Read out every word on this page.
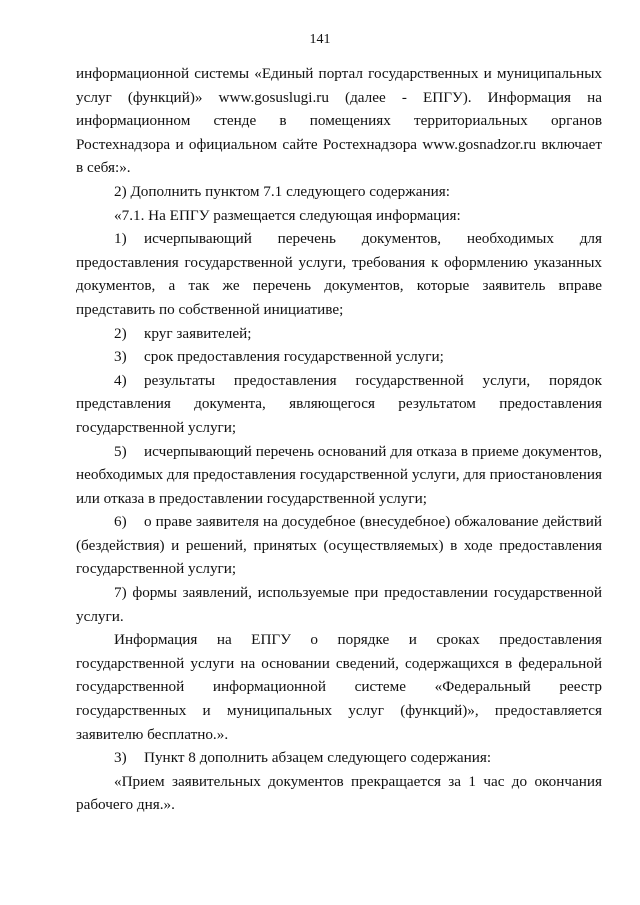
141

информационной системы «Единый портал государственных и муниципальных услуг (функций)» www.gosuslugi.ru (далее - ЕПГУ). Информация на информационном стенде в помещениях территориальных органов Ростехнадзора и официальном сайте Ростехнадзора www.gosnadzor.ru включает в себя:».

2) Дополнить пунктом 7.1 следующего содержания:

«7.1. На ЕПГУ размещается следующая информация:

1) исчерпывающий перечень документов, необходимых для предоставления государственной услуги, требования к оформлению указанных документов, а так же перечень документов, которые заявитель вправе представить по собственной инициативе;

2) круг заявителей;

3) срок предоставления государственной услуги;

4) результаты предоставления государственной услуги, порядок представления документа, являющегося результатом предоставления государственной услуги;

5) исчерпывающий перечень оснований для отказа в приеме документов, необходимых для предоставления государственной услуги, для приостановления или отказа в предоставлении государственной услуги;

6) о праве заявителя на досудебное (внесудебное) обжалование действий (бездействия) и решений, принятых (осуществляемых) в ходе предоставления государственной услуги;

7) формы заявлений, используемые при предоставлении государственной услуги.

Информация на ЕПГУ о порядке и сроках предоставления государственной услуги на основании сведений, содержащихся в федеральной государственной информационной системе «Федеральный реестр государственных и муниципальных услуг (функций)», предоставляется заявителю бесплатно.».

3) Пункт 8 дополнить абзацем следующего содержания:

«Прием заявительных документов прекращается за 1 час до окончания рабочего дня.».
